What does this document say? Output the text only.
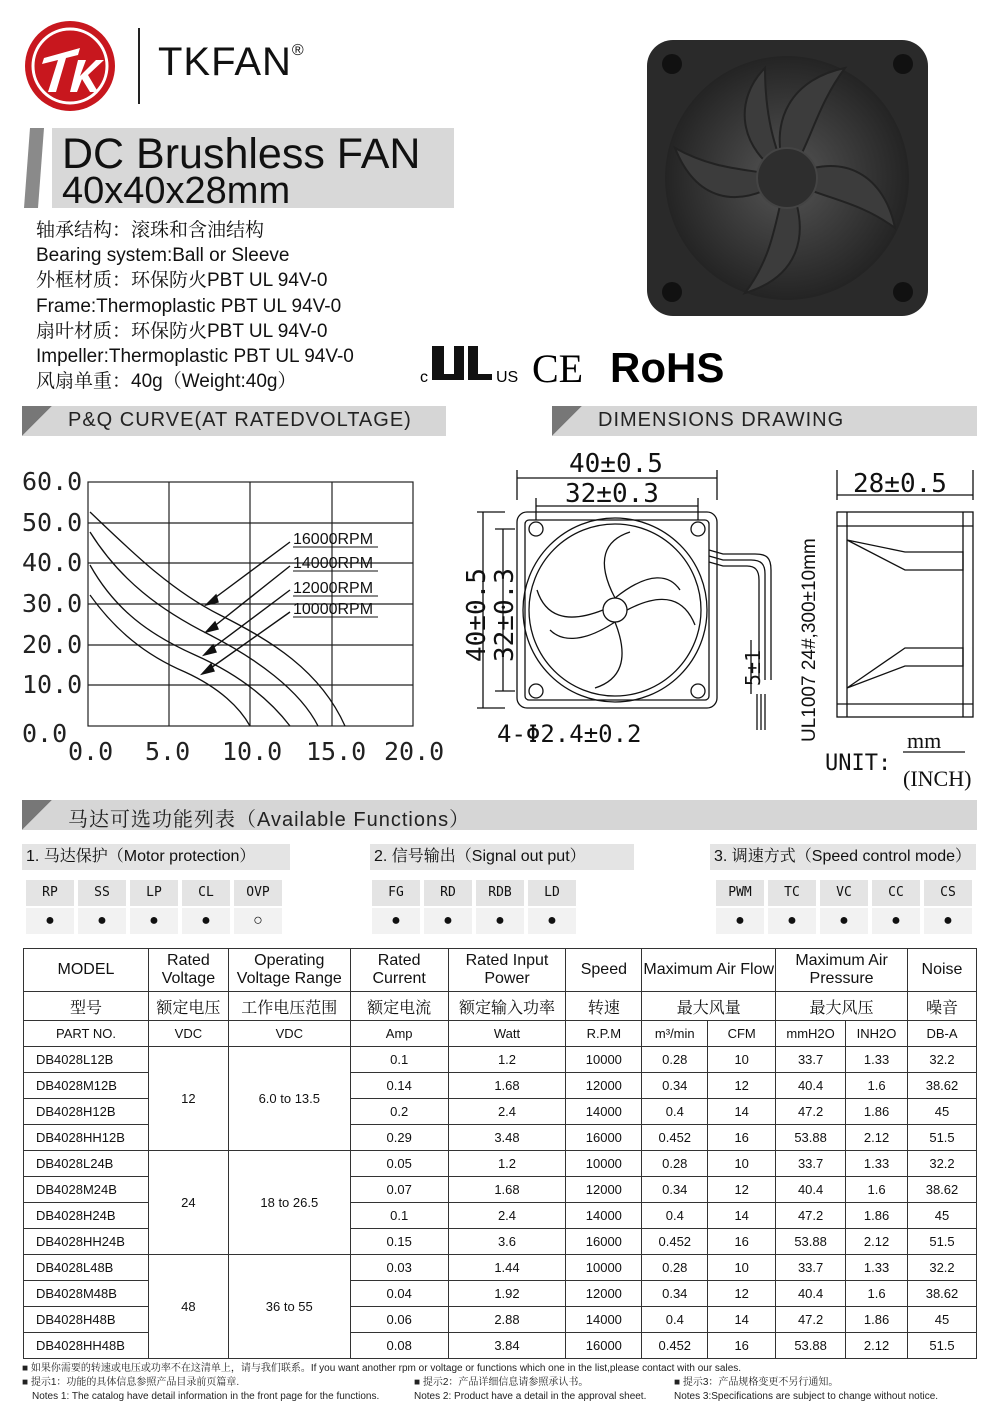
TKFAN®
DC Brushless FAN
40x40x28mm
轴承结构：滚珠和含油结构
Bearing system:Ball or Sleeve
外框材质：环保防火PBT UL 94V-0
Frame:Thermoplastic PBT UL 94V-0
扇叶材质：环保防火PBT UL 94V-0
Impeller:Thermoplastic PBT UL 94V-0
风扇单重：40g（Weight:40g）	c	US CE RoHS
P&Q CURVE(AT RATEDVOLTAGE)	DIMENSIONS DRAWING
60.0
50.0
40.0
30.0
20.0
10.0
0.0
0.0 5.0 10.0 15.0 20.0
16000RPM
14000RPM
12000RPM
10000RPM
40±0.5
32±0.3	28±0.5
4-Φ2.4±0.2
UNIT:
mm
(INCH)
40±0.5
32±0.3
5±1 UL1007 24#,300±10mm
马达可选功能列表（Available Functions）
1. 马达保护（Motor protection）
RP
●
SS
●
LP
●
CL
●
OVP
○
2. 信号输出（Signal out put）
FG
●
RD
●
RDB
●
LD
●
3. 调速方式（Speed control mode）
PWM
●
TC
●
VC
●
CC
●
CS
●
MODEL	Rated Voltage	Operating Voltage Range	Rated Current	Rated Input Power	Speed	Maximum Air Flow		Maximum Air Pressure		Noise
型号	额定电压	工作电压范围	额定电流	额定输入功率	转速	最大风量		最大风压		噪音
PART NO.	VDC	VDC	Amp	Watt	R.P.M	m³/min	CFM	mmH2O	INH2O	DB-A
DB4028L12B	12	6.0 to 13.5	0.1	1.2	10000	0.28	10	33.7	1.33	32.2
DB4028M12B			0.14	1.68	12000	0.34	12	40.4	1.6	38.62
DB4028H12B			0.2	2.4	14000	0.4	14	47.2	1.86	45
DB4028HH12B			0.29	3.48	16000	0.452	16	53.88	2.12	51.5
DB4028L24B	24	18 to 26.5	0.05	1.2	10000	0.28	10	33.7	1.33	32.2
DB4028M24B			0.07	1.68	12000	0.34	12	40.4	1.6	38.62
DB4028H24B			0.1	2.4	14000	0.4	14	47.2	1.86	45
DB4028HH24B			0.15	3.6	16000	0.452	16	53.88	2.12	51.5
DB4028L48B	48	36 to 55	0.03	1.44	10000	0.28	10	33.7	1.33	32.2
DB4028M48B			0.04	1.92	12000	0.34	12	40.4	1.6	38.62
DB4028H48B			0.06	2.88	14000	0.4	14	47.2	1.86	45
DB4028HH48B			0.08	3.84	16000	0.452	16	53.88	2.12	51.5
■ 如果你需要的转速或电压或功率不在这清单上，请与我们联系。If you want another rpm or voltage or functions which one in the list,please contact with our sales.
■ 提示1：功能的具体信息参照产品目录前页篇章.	■ 提示2：产品详细信息请参照承认书。	■ 提示3：产品规格变更不另行通知。
Notes 1: The catalog have detail information in the front page for the functions.	Notes 2: Product have a detail in the approval sheet.	Notes 3:Specifications are subject to change without notice.
